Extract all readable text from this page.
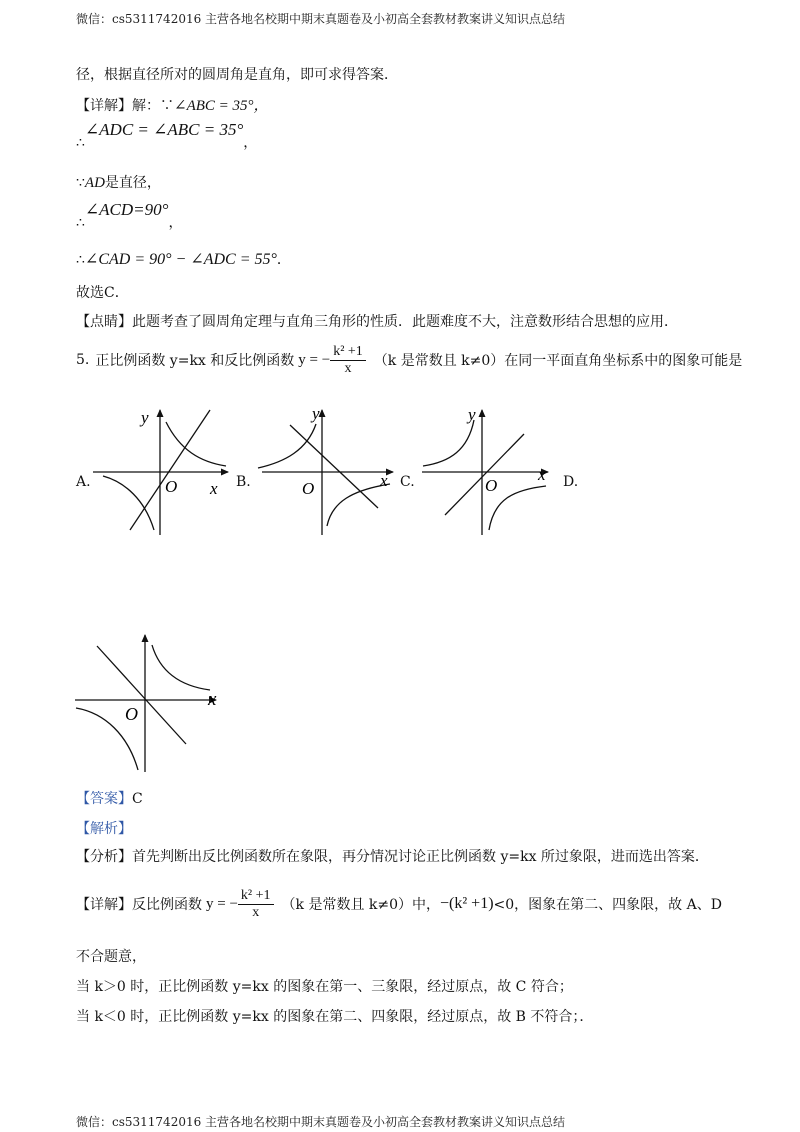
微信：cs5311742016 主营各地名校期中期末真题卷及小初高全套教材教案讲义知识点总结
微信：cs5311742016 主营各地名校期中期末真题卷及小初高全套教材教案讲义知识点总结
径，根据直径所对的圆周角是直角，即可求得答案．
【详解】解：∵∠ABC = 35°，
∴∠ADC = ∠ABC = 35°，
∵AD是直径，
∴∠ACD=90°，
∴∠CAD = 90° − ∠ADC = 55°．
故选C．
【点睛】此题考查了圆周角定理与直角三角形的性质．此题难度不大，注意数形结合思想的应用．
5. 正比例函数 y=kx 和反比例函数 y = − $\frac{\text{k² +1}}{x} (k$ 是常数且 k≠0）在同一平面直角坐标系中的图象可能是
A.	B.	C.	D.
y
x
O
y
x
O
y
x
O
x
O
【答案】C
【解析】
【分析】首先判断出反比例函数所在象限，再分情况讨论正比例函数 y=kx 所过象限，进而选出答案．
【详解】 反比例函数 y = − $\frac{\text{k² +1}}{x} (k$ 是常数且 k≠0）中， −(k² +1) <0，图象在第二、四象限，故 A、D
不合题意，
当 k＞0 时，正比例函数 y=kx 的图象在第一、三象限，经过原点，故 C 符合；
当 k＜0 时，正比例函数 y=kx 的图象在第二、四象限，经过原点，故 B 不符合；．
